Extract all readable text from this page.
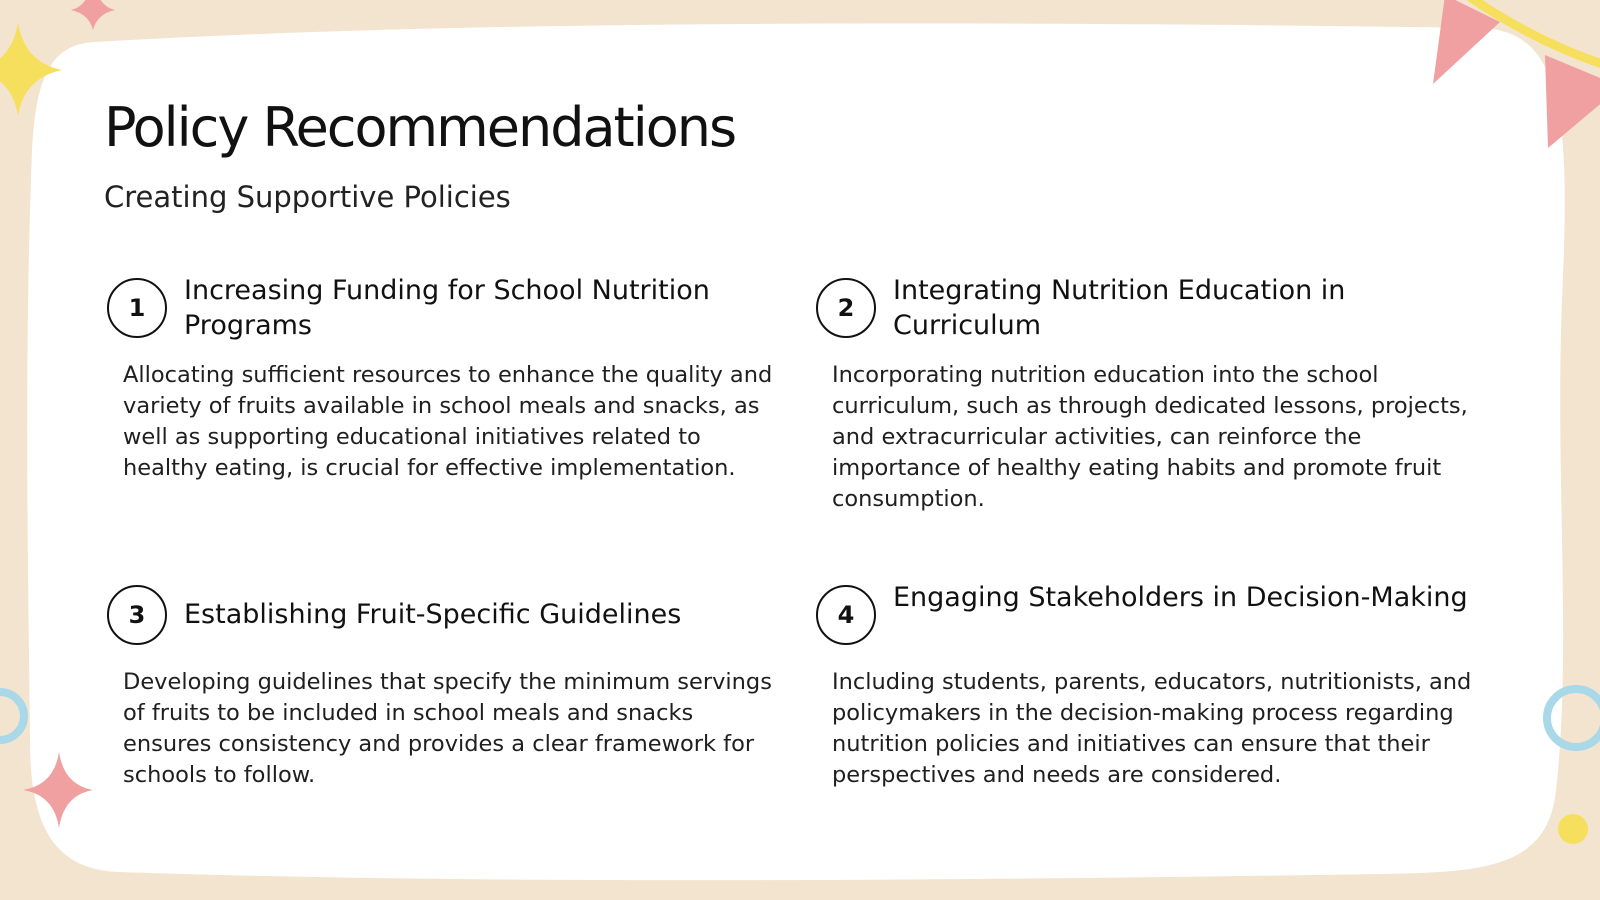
Policy Recommendations
Creating Supportive Policies
1
Increasing Funding for School Nutrition Programs

Allocating sufficient resources to enhance the quality and variety of fruits available in school meals and snacks, as well as supporting educational initiatives related to healthy eating, is crucial for effective implementation.

2
Integrating Nutrition Education in Curriculum

Incorporating nutrition education into the school curriculum, such as through dedicated lessons, projects, and extracurricular activities, can reinforce the importance of healthy eating habits and promote fruit consumption.

3	Establishing Fruit-Specific Guidelines

Developing guidelines that specify the minimum servings of fruits to be included in school meals and snacks ensures consistency and provides a clear framework for schools to follow.

4
Engaging Stakeholders in Decision-Making

Including students, parents, educators, nutritionists, and policymakers in the decision-making process regarding nutrition policies and initiatives can ensure that their perspectives and needs are considered.
